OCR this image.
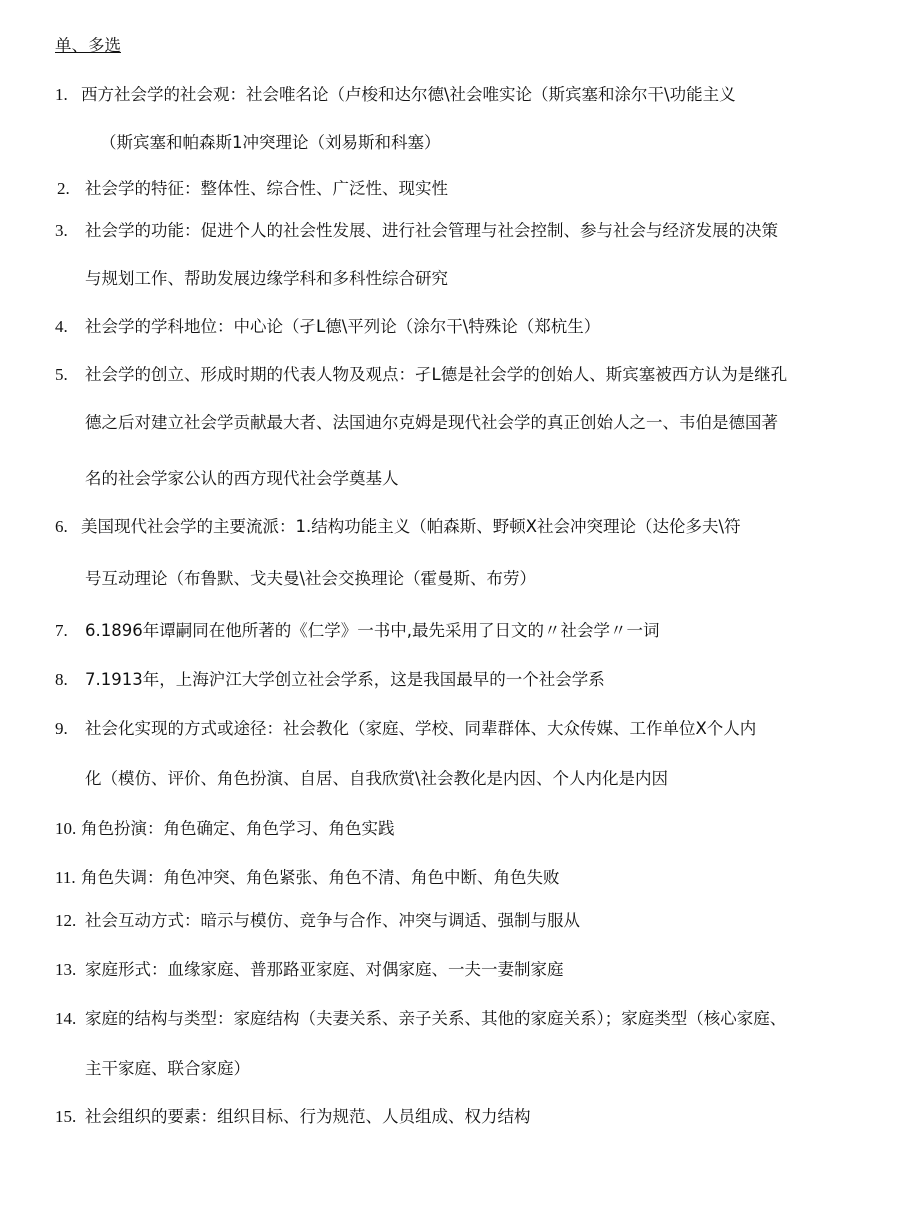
单、多选
1. 西方社会学的社会观：社会唯名论（卢梭和达尔德\社会唯实论（斯宾塞和涂尔干\功能主义
（斯宾塞和帕森斯1冲突理论（刘易斯和科塞）
2. 社会学的特征：整体性、综合性、广泛性、现实性
3. 社会学的功能：促进个人的社会性发展、进行社会管理与社会控制、参与社会与经济发展的决策
与规划工作、帮助发展边缘学科和多科性综合研究
4. 社会学的学科地位：中心论（孑L德\平列论（涂尔干\特殊论（郑杭生）
5. 社会学的创立、形成时期的代表人物及观点：孑L德是社会学的创始人、斯宾塞被西方认为是继孔
德之后对建立社会学贡献最大者、法国迪尔克姆是现代社会学的真正创始人之一、韦伯是德国著
名的社会学家公认的西方现代社会学奠基人
6. 美国现代社会学的主要流派：1.结构功能主义（帕森斯、野顿X社会冲突理论（达伦多夫\符
号互动理论（布鲁默、戈夫曼\社会交换理论（霍曼斯、布劳）
7. 6.1896年谭嗣同在他所著的《仁学》一书中,最先采用了日文的〃社会学〃一词
8. 7.1913年，上海沪江大学创立社会学系，这是我国最早的一个社会学系
9. 社会化实现的方式或途径：社会教化（家庭、学校、同辈群体、大众传媒、工作单位X个人内
化（模仿、评价、角色扮演、自居、自我欣赏\社会教化是内因、个人内化是内因
10. 角色扮演：角色确定、角色学习、角色实践
11. 角色失调：角色冲突、角色紧张、角色不清、角色中断、角色失败
12. 社会互动方式：暗示与模仿、竞争与合作、冲突与调适、强制与服从
13. 家庭形式：血缘家庭、普那路亚家庭、对偶家庭、一夫一妻制家庭
14. 家庭的结构与类型：家庭结构（夫妻关系、亲子关系、其他的家庭关系）；家庭类型（核心家庭、
主干家庭、联合家庭）
15. 社会组织的要素：组织目标、行为规范、人员组成、权力结构
